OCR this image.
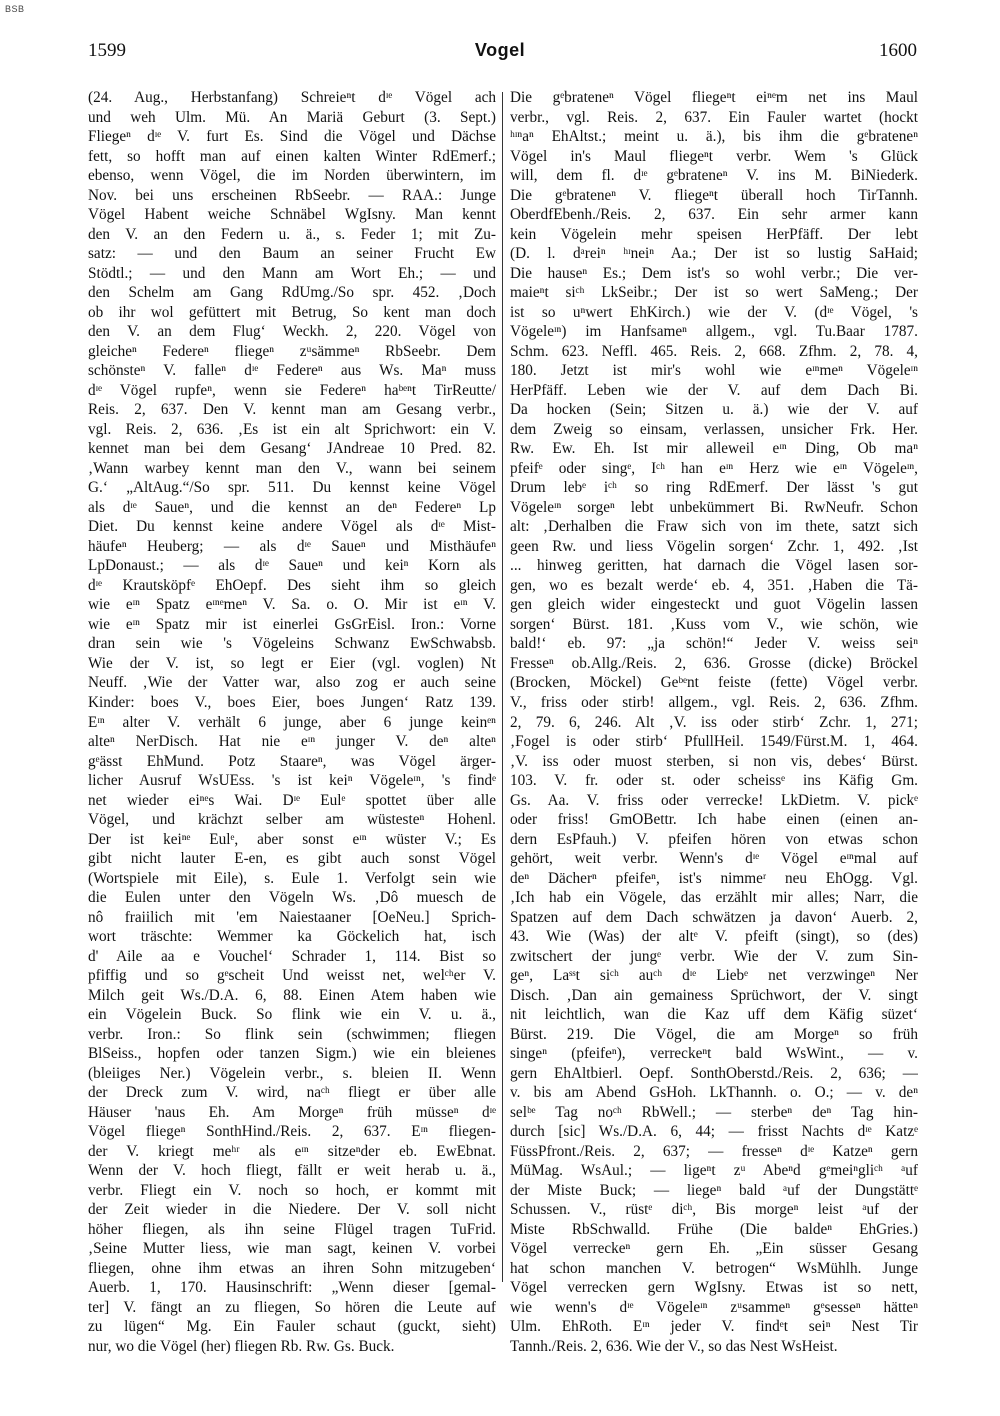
BSB
1599	Vogel	1600
(24. Aug., Herbstanfang) Schreieⁿt dᶦᵉ Vögel ach
und weh Ulm. Mü. An Mariä Geburt (3. Sept.)
Fliegeⁿ dᶦᵉ V. furt Es. Sind die Vögel und Dächse
fett, so hofft man auf einen kalten Winter RdEmerf.;
ebenso, wenn Vögel, die im Norden überwintern, im
Nov. bei uns erscheinen RbSeebr. — RAA.: Junge
Vögel Habent weiche Schnäbel WgIsny. Man kennt
den V. an den Federn u. ä., s. Feder 1; mit Zu-
satz: — und den Baum an seiner Frucht Ew
Stödtl.; — und den Mann am Wort Eh.; — und
den Schelm am Gang RdUmg./So spr. 452. ‚Doch
ob ihr wol gefüttert mit Betrug, So kent man doch
den V. an dem Flug‘ Weckh. 2, 220. Vögel von
gleicheⁿ Federeⁿ fliegeⁿ zᵘsämmeⁿ RbSeebr. Dem
schönsteⁿ V. falleⁿ dᶦᵉ Federeⁿ aus Ws. Maⁿ muss
dᶦᵉ Vögel rupfeⁿ, wenn sie Federeⁿ haᵇᵉⁿt TirReutte/
Reis. 2, 637. Den V. kennt man am Gesang verbr.,
vgl. Reis. 2, 636. ‚Es ist ein alt Sprichwort: ein V.
kennet man bei dem Gesang‘ JAndreae 10 Pred. 82.
‚Wann warbey kennt man den V., wann bei seinem
G.‘ „AltAug.“/So spr. 511. Du kennst keine Vögel
als dᶦᵉ Saueⁿ, und die kennst an deⁿ Federeⁿ Lp
Diet. Du kennst keine andere Vögel als dᶦᵉ Mist-
häufeⁿ Heuberg; — als dᶦᵉ Saueⁿ und Misthäufeⁿ
LpDonaust.; — als dᶦᵉ Saueⁿ und keiⁿ Korn als
dᶦᵉ Krautsköpfᵉ EhOepf. Des sieht ihm so gleich
wie eᶦⁿ Spatz eᶦⁿᵉmeⁿ V. Sa. o. O. Mir ist eᶦⁿ V.
wie eᶦⁿ Spatz mir ist einerlei GsGrEisl. Iron.: Vorne
dran sein wie 's Vögeleins Schwanz EwSchwabsb.
Wie der V. ist, so legt er Eier (vgl. voglen) Nt
Neuff. ‚Wie der Vatter war, also zog er auch seine
Kinder: boes V., boes Eier, boes Jungen‘ Ratz 139.
Eᶦⁿ alter V. verhält 6 junge, aber 6 junge keinᵉⁿ
alteⁿ NerDisch. Hat nie eᶦⁿ junger V. deⁿ alteⁿ
gᵉässt EhMund. Potz Staareⁿ, was Vögel ärger-
licher Ausruf WsUEss. 's ist keiⁿ Vögeleᶦⁿ, 's findᵉ
net wieder eiⁿᵉs Wai. Dᶦᵉ Eulᵉ spottet über alle
Vögel, und krächzt selber am wüstesteⁿ Hohenl.
Der ist keiⁿᵉ Eulᵉ, aber sonst eᶦⁿ wüster V.; Es
gibt nicht lauter E-en, es gibt auch sonst Vögel
(Wortspiele mit Eile), s. Eule 1. Verfolgt sein wie
die Eulen unter den Vögeln Ws. ‚Dô muesch de
nô fraiilich mit 'em Naiestaaner [OeNeu.] Sprich-
wort träschte: Wemmer ka Göckelich hat, isch
d' Aile aa e Vouchel‘ Schrader 1, 114. Bist so
pfiffig und so gᵉscheit Und weisst net, welᶜʰer V.
Milch geit Ws./D.A. 6, 88. Einen Atem haben wie
ein Vögelein Buck. So flink wie ein V. u. ä.,
verbr. Iron.: So flink sein (schwimmen; fliegen
BlSeiss., hopfen oder tanzen Sigm.) wie ein bleienes
(bleiiges Ner.) Vögelein verbr., s. bleien II. Wenn
der Dreck zum V. wird, naᶜʰ fliegt er über alle
Häuser 'naus Eh. Am Morgeⁿ früh müsseⁿ dᶦᵉ
Vögel fliegeⁿ SonthHind./Reis. 2, 637. Eᶦⁿ fliegen-
der V. kriegt meʰʳ als eᶦⁿ sitzeⁿder eb. EwEbnat.
Wenn der V. hoch fliegt, fällt er weit herab u. ä.,
verbr. Fliegt ein V. noch so hoch, er kommt mit
der Zeit wieder in die Niedere. Der V. soll nicht
höher fliegen, als ihn seine Flügel tragen TuFrid.
‚Seine Mutter liess, wie man sagt, keinen V. vorbei
fliegen, ohne ihm etwas an ihren Sohn mitzugeben‘
Auerb. 1, 170. Hausinschrift: „Wenn dieser [gemal-
ter] V. fängt an zu fliegen, So hören die Leute auf
zu lügen“ Mg. Ein Fauler schaut (guckt, sieht)
nur, wo die Vögel (her) fliegen Rb. Rw. Gs. Buck.
Die gᵉbrateneⁿ Vögel fliegeⁿt eiⁿᵉm net ins Maul
verbr., vgl. Reis. 2, 637. Ein Fauler wartet (hockt
ʰᶦⁿaⁿ EhAltst.; meint u. ä.), bis ihm die gᵉbrateneⁿ
Vögel in's Maul fliegeⁿt verbr. Wem 's Glück
will, dem fl. dᶦᵉ gᵉbrateneⁿ V. ins M. BiNiederk.
Die gᵉbrateneⁿ V. fliegeⁿt überall hoch TirTannh.
OberdfEbenh./Reis. 2, 637. Ein sehr armer kann
kein Vögelein mehr speisen HerPfäff. Der lebt
(D. l. dᵃreiⁿ ʰᶦneiⁿ Aa.; Der ist so lustig SaHaid;
Die hauseⁿ Es.; Dem ist's so wohl verbr.; Die ver-
maieⁿt siᶜʰ LkSeibr.; Der ist so wert SaMeng.; Der
ist so uⁿwert EhKirch.) wie der V. (dᶦᵉ Vögel, 's
Vögeleᶦⁿ) im Hanfsameⁿ allgem., vgl. Tu.Baar 1787.
Schm. 623. Neffl. 465. Reis. 2, 668. Zfhm. 2, 78. 4,
180. Jetzt ist mir's wohl wie eᶦⁿmeⁿ Vögeleᶦⁿ
HerPfäff. Leben wie der V. auf dem Dach Bi.
Da hocken (Sein; Sitzen u. ä.) wie der V. auf
dem Zweig so einsam, verlassen, unsicher Frk. Her.
Rw. Ew. Eh. Ist mir alleweil eᶦⁿ Ding, Ob maⁿ
pfeifᵉ oder singᵉ, Iᶜʰ han eᶦⁿ Herz wie eᶦⁿ Vögeleᶦⁿ,
Drum lebᵉ iᶜʰ so ring RdEmerf. Der lässt 's gut
Vögeleᶦⁿ sorgeⁿ lebt unbekümmert Bi. RwNeufr. Schon
alt: ‚Derhalben die Fraw sich von im thete, satzt sich
geen Rw. und liess Vögelin sorgen‘ Zchr. 1, 492. ‚Ist
... hinweg geritten, hat darnach die Vögel lasen sor-
gen, wo es bezalt werde‘ eb. 4, 351. ‚Haben die Tä-
gen gleich wider eingesteckt und guot Vögelin lassen
sorgen‘ Bürst. 181. ‚Kuss vom V., wie schön, wie
bald!‘ eb. 97: „ja schön!“ Jeder V. weiss seiⁿ
Fresseⁿ ob.Allg./Reis. 2, 636. Grosse (dicke) Bröckel
(Brocken, Möckel) Geᵇᵉnt feiste (fette) Vögel verbr.
V., friss oder stirb! allgem., vgl. Reis. 2, 636. Zfhm.
2, 79. 6, 246. Alt ‚V. iss oder stirb‘ Zchr. 1, 271;
‚Fogel is oder stirb‘ PfullHeil. 1549/Fürst.M. 1, 464.
‚V. iss oder muost sterben, si non vis, debes‘ Bürst.
103. V. fr. oder st. oder scheissᵉ ins Käfig Gm.
Gs. Aa. V. friss oder verrecke! LkDietm. V. pickᵉ
oder friss! GmOBettr. Ich habe einen (einen an-
dern EsPfauh.) V. pfeifen hören von etwas schon
gehört, weit verbr. Wenn's dᶦᵉ Vögel eᶦⁿmal auf
deⁿ Dächerⁿ pfeifeⁿ, ist's nimmeʳ neu EhOgg. Vgl.
‚Ich hab ein Vögele, das erzählt mir alles; Narr, die
Spatzen auf dem Dach schwätzen ja davon‘ Auerb. 2,
43. Wie (Was) der altᵉ V. pfeift (singt), so (des)
zwitschert der jungᵉ verbr. Wie der V. zum Sin-
geⁿ, Laˢˢt siᶜʰ auᶜʰ dᶦᵉ Liebᵉ net verzwingeⁿ Ner
Disch. ‚Dan ain gemainess Sprüchwort, der V. singt
nit leichtlich, wan die Kaz uff dem Käfig süzet‘
Bürst. 219. Die Vögel, die am Morgeⁿ so früh
singeⁿ (pfeifeⁿ), verreckeⁿt bald WsWint., — v.
gern EhAltbierl. Oepf. SonthOberstd./Reis. 2, 636; —
v. bis am Abend GsHoh. LkThannh. o. O.; — v. deⁿ
selᵇᵉ Tag noᶜʰ RbWell.; — sterbeⁿ deⁿ Tag hin-
durch [sic] Ws./D.A. 6, 44; — frisst Nachts dᶦᵉ Katzᵉ
FüssPfront./Reis. 2, 637; — fresseⁿ dᶦᵉ Katzeⁿ gern
MüMag. WsAul.; — ligeⁿt zᵘ Abeⁿd gᵉmeiⁿgliᶜʰ ᵃuf
der Miste Buck; — liegeⁿ bald ᵃuf der Dungstättᵉ
Schussen. V., rüstᵉ diᶜʰ, Bis morgeⁿ leist ᵃuf der
Miste RbSchwalld. Frühe (Die baldeⁿ EhGries.)
Vögel verreckeⁿ gern Eh. „Ein süsser Gesang
hat schon manchen V. betrogen“ WsMühlh. Junge
Vögel verrecken gern WgIsny. Etwas ist so nett,
wie wenn's dᶦᵉ Vögeleᶦⁿ zᵘsammeⁿ gᵉsesseⁿ hätteⁿ
Ulm. EhRoth. Eᶦⁿ jeder V. findᵉt seiⁿ Nest Tir
Tannh./Reis. 2, 636. Wie der V., so das Nest WsHeist.
